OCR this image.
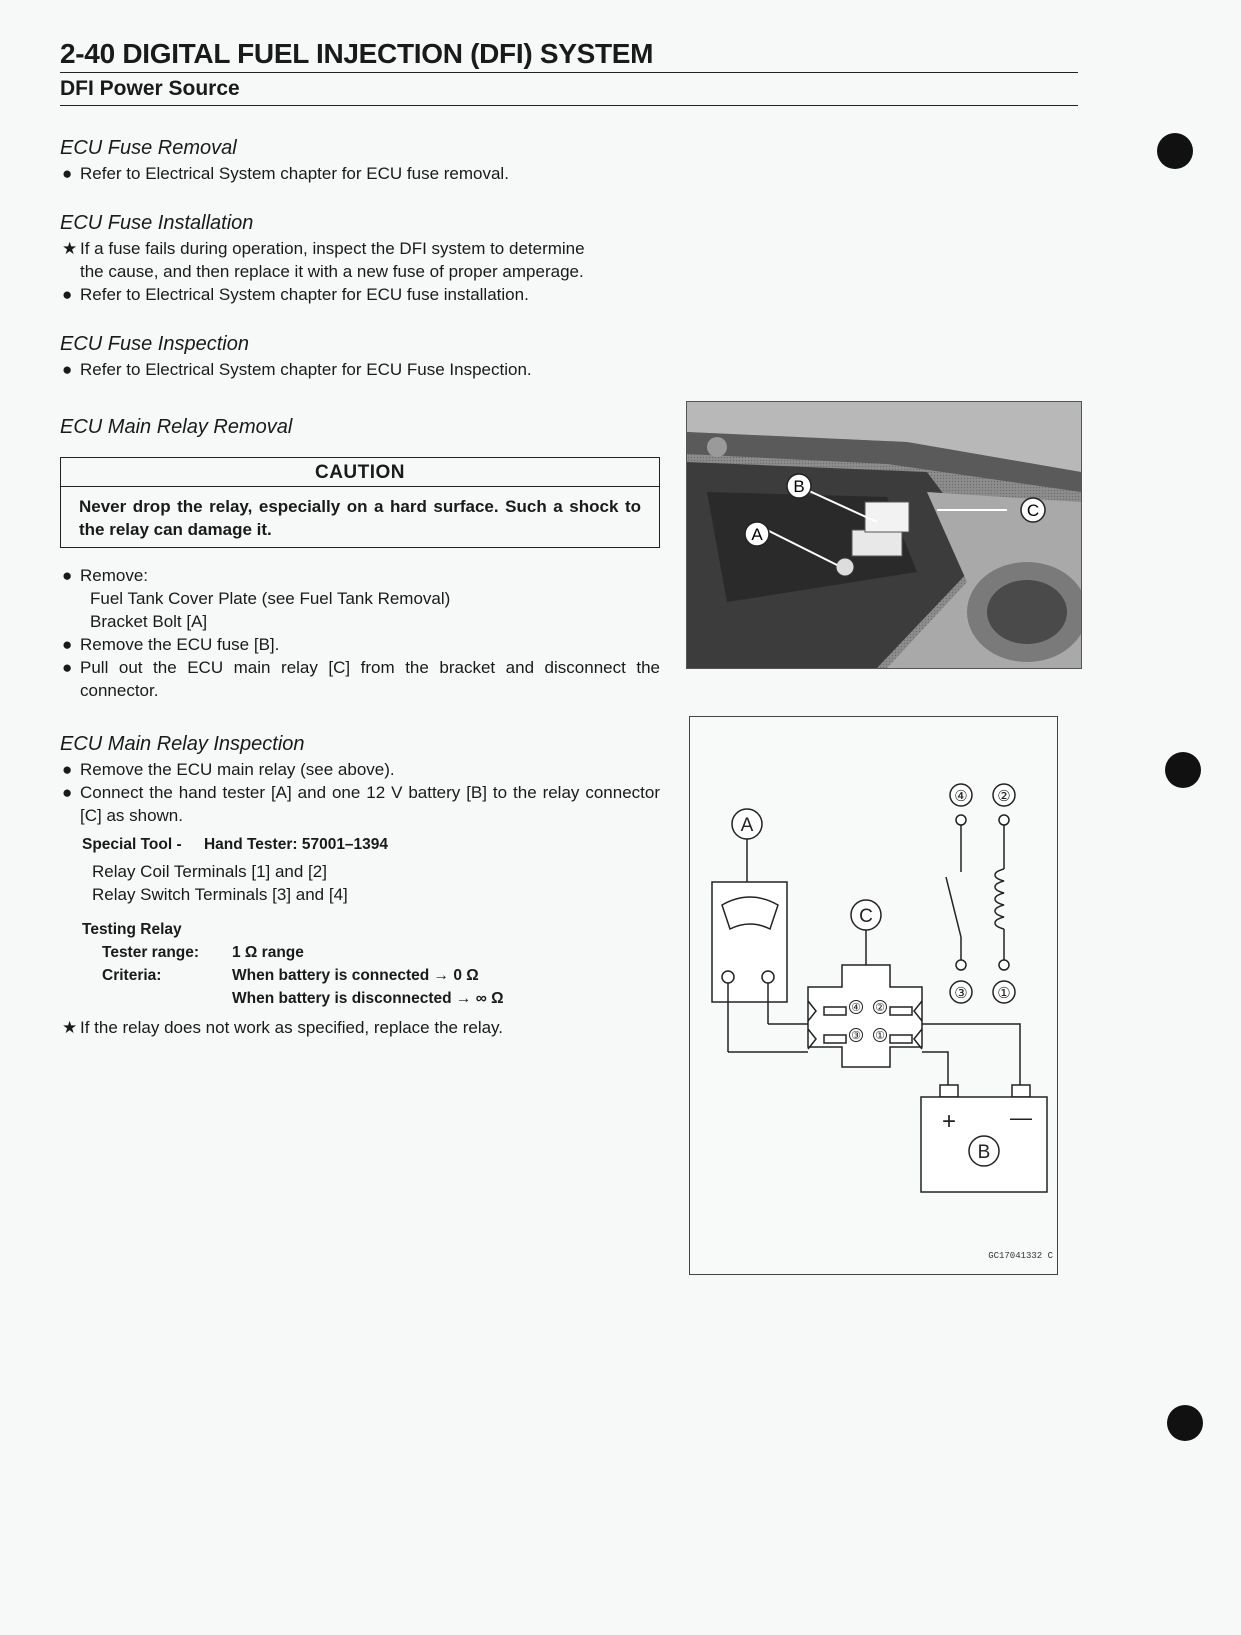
2-40 DIGITAL FUEL INJECTION (DFI) SYSTEM
DFI Power Source
ECU Fuse Removal
● Refer to Electrical System chapter for ECU fuse removal.
ECU Fuse Installation
★ If a fuse fails during operation, inspect the DFI system to determine
the cause, and then replace it with a new fuse of proper amperage.
● Refer to Electrical System chapter for ECU fuse installation.
ECU Fuse Inspection
● Refer to Electrical System chapter for ECU Fuse Inspection.
ECU Main Relay Removal
CAUTION
Never drop the relay, especially on a hard surface. Such a shock to the relay can damage it.
● Remove:
Fuel Tank Cover Plate (see Fuel Tank Removal)
Bracket Bolt [A]
● Remove the ECU fuse [B].
● Pull out the ECU main relay [C] from the bracket and disconnect the connector.
ECU Main Relay Inspection
● Remove the ECU main relay (see above).
● Connect the hand tester [A] and one 12 V battery [B] to the relay connector [C] as shown.
Special Tool - Hand Tester: 57001–1394
Relay Coil Terminals [1] and [2]
Relay Switch Terminals [3] and [4]
Testing Relay
Tester range:	1 Ω range
Criteria:	When battery is connected → 0 Ω
When battery is disconnected → ∞ Ω
★ If the relay does not work as specified, replace the relay.
A
B
C
A
④
③
②
①
C
④ ②
③ ①
+ —
B
GC17041332 C
